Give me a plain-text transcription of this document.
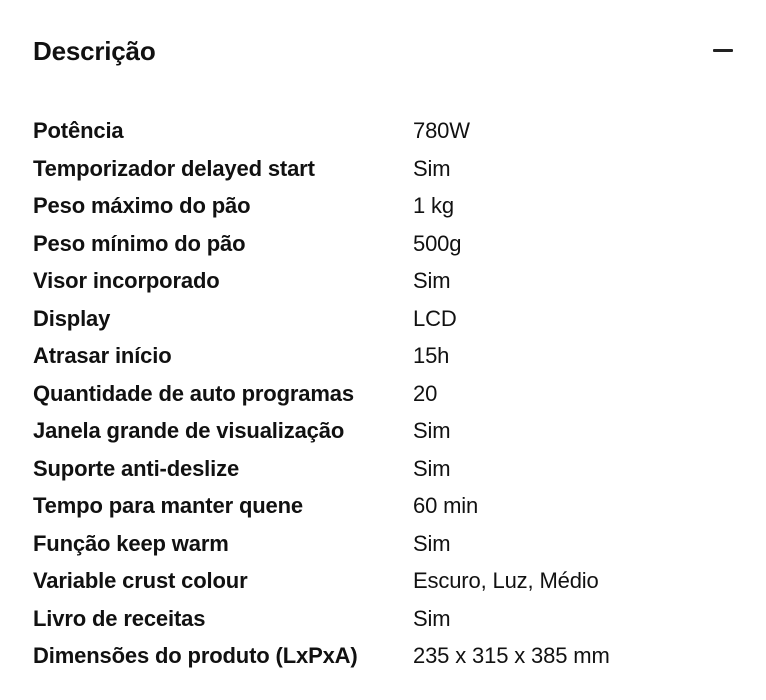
Descrição
Potência	780W
Temporizador delayed start	Sim
Peso máximo do pão	1 kg
Peso mínimo do pão	500g
Visor incorporado	Sim
Display	LCD
Atrasar início	15h
Quantidade de auto programas	20
Janela grande de visualização	Sim
Suporte anti-deslize	Sim
Tempo para manter quene	60 min
Função keep warm	Sim
Variable crust colour	Escuro, Luz, Médio
Livro de receitas	Sim
Dimensões do produto (LxPxA)	235 x 315 x 385 mm
